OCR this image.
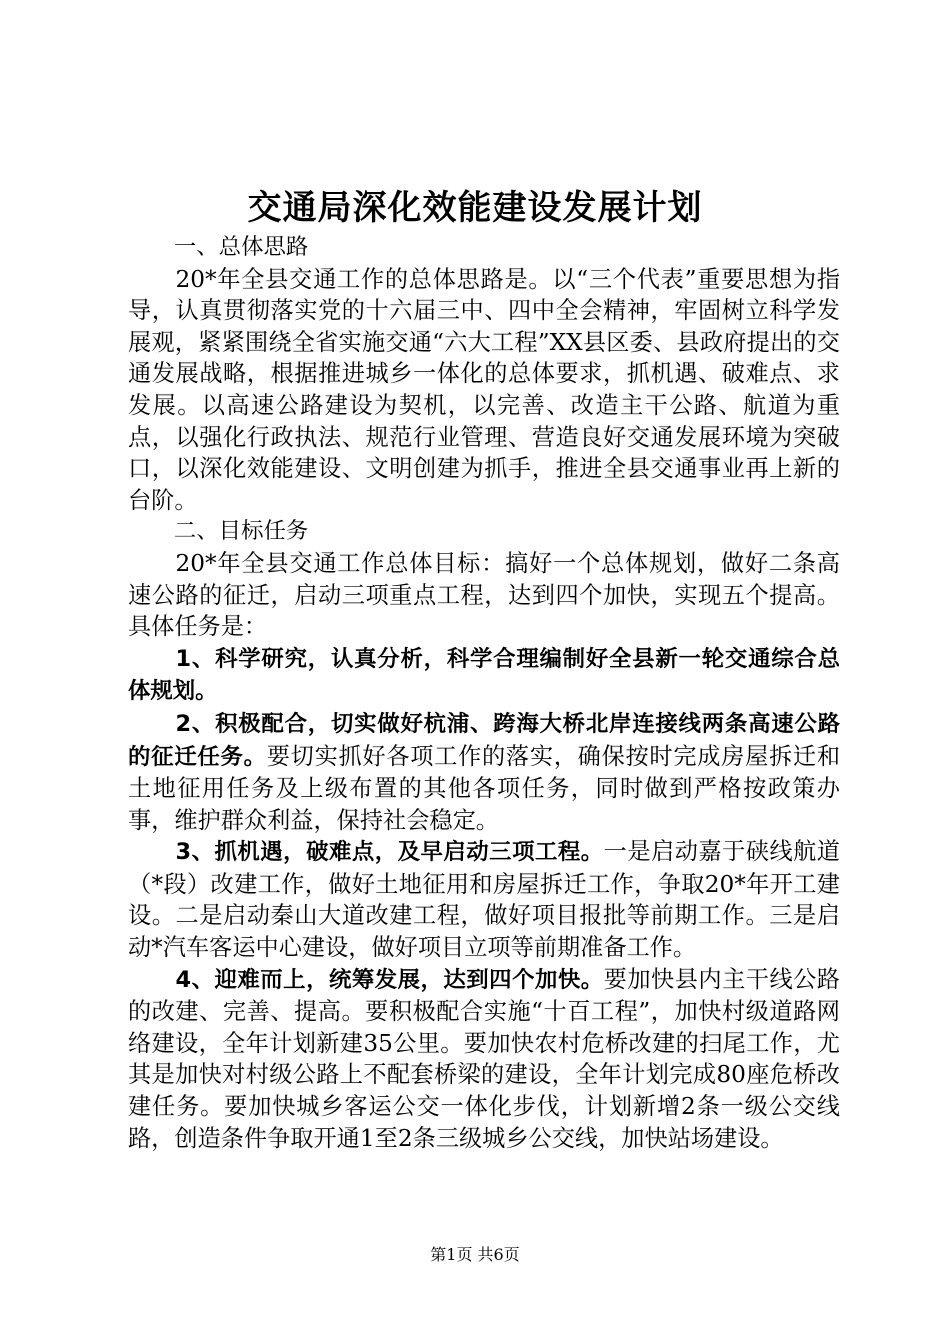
交通局深化效能建设发展计划

一、总体思路

20*年全县交通工作的总体思路是。以“三个代表”重要思想为指导，认真贯彻落实党的十六届三中、四中全会精神，牢固树立科学发展观，紧紧围绕全省实施交通“六大工程”XX县区委、县政府提出的交通发展战略，根据推进城乡一体化的总体要求，抓机遇、破难点、求发展。以高速公路建设为契机，以完善、改造主干公路、航道为重点，以强化行政执法、规范行业管理、营造良好交通发展环境为突破口，以深化效能建设、文明创建为抓手，推进全县交通事业再上新的台阶。

二、目标任务

20*年全县交通工作总体目标：搞好一个总体规划，做好二条高速公路的征迁，启动三项重点工程，达到四个加快，实现五个提高。具体任务是：

1、科学研究，认真分析，科学合理编制好全县新一轮交通综合总体规划。

2、积极配合，切实做好杭浦、跨海大桥北岸连接线两条高速公路的征迁任务。要切实抓好各项工作的落实，确保按时完成房屋拆迁和土地征用任务及上级布置的其他各项任务，同时做到严格按政策办事，维护群众利益，保持社会稳定。

3、抓机遇，破难点，及早启动三项工程。一是启动嘉于硖线航道（*段）改建工作，做好土地征用和房屋拆迁工作，争取20*年开工建设。二是启动秦山大道改建工程，做好项目报批等前期工作。三是启动*汽车客运中心建设，做好项目立项等前期准备工作。

4、迎难而上，统筹发展，达到四个加快。要加快县内主干线公路的改建、完善、提高。要积极配合实施“十百工程”，加快村级道路网络建设，全年计划新建35公里。要加快农村危桥改建的扫尾工作，尤其是加快对村级公路上不配套桥梁的建设，全年计划完成80座危桥改建任务。要加快城乡客运公交一体化步伐，计划新增2条一级公交线路，创造条件争取开通1至2条三级城乡公交线，加快站场建设。

第1页 共6页
